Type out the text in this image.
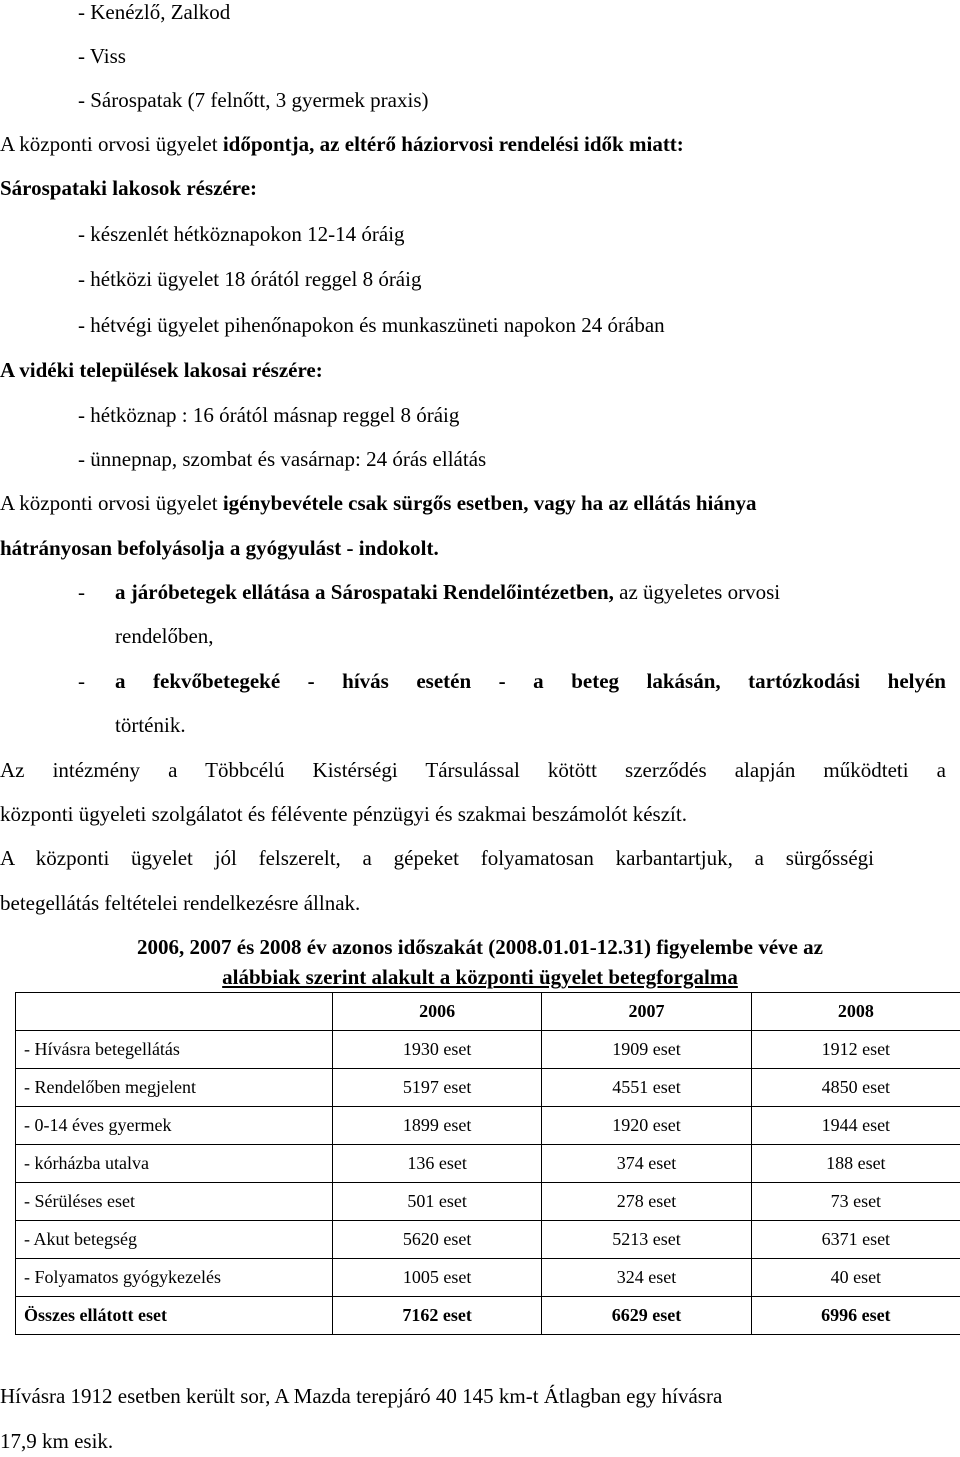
- Kenézlő, Zalkod
- Viss
- Sárospatak (7 felnőtt, 3 gyermek praxis)
A központi orvosi ügyelet időpontja, az eltérő háziorvosi rendelési idők miatt:
Sárospataki lakosok részére:
- készenlét hétköznapokon 12-14 óráig
- hétközi ügyelet 18 órától reggel 8 óráig
- hétvégi ügyelet pihenőnapokon és munkaszüneti napokon 24 órában
A vidéki települések lakosai részére:
- hétköznap : 16 órától másnap reggel 8 óráig
- ünnepnap, szombat és vasárnap: 24 órás ellátás
A központi orvosi ügyelet igénybevétele csak sürgős esetben, vagy ha az ellátás hiánya
hátrányosan befolyásolja a gyógyulást - indokolt.
- a járóbetegek ellátása a Sárospataki Rendelőintézetben, az ügyeletes orvosi
rendelőben,
- a fekvőbetegeké - hívás esetén - a beteg lakásán, tartózkodási helyén
történik.
Az intézmény a Többcélú Kistérségi Társulással kötött szerződés alapján működteti a
központi ügyeleti szolgálatot és félévente pénzügyi és szakmai beszámolót készít.
A központi ügyelet jól felszerelt, a gépeket folyamatosan karbantartjuk, a sürgősségi
betegellátás feltételei rendelkezésre állnak.
2006, 2007 és 2008 év azonos időszakát (2008.01.01-12.31) figyelembe véve az
alábbiak szerint alakult a központi ügyelet betegforgalma
	2006	2007	2008
- Hívásra betegellátás	1930 eset	1909 eset	1912 eset
- Rendelőben megjelent	5197 eset	4551 eset	4850 eset
- 0-14 éves gyermek	1899 eset	1920 eset	1944 eset
- kórházba utalva	136 eset	374 eset	188 eset
- Sérüléses eset	501 eset	278 eset	73 eset
- Akut betegség	5620 eset	5213 eset	6371 eset
- Folyamatos gyógykezelés	1005 eset	324 eset	40 eset
Összes ellátott eset	7162 eset	6629 eset	6996 eset
Hívásra 1912 esetben került sor, A Mazda terepjáró 40 145 km-t Átlagban egy hívásra
17,9 km esik.
